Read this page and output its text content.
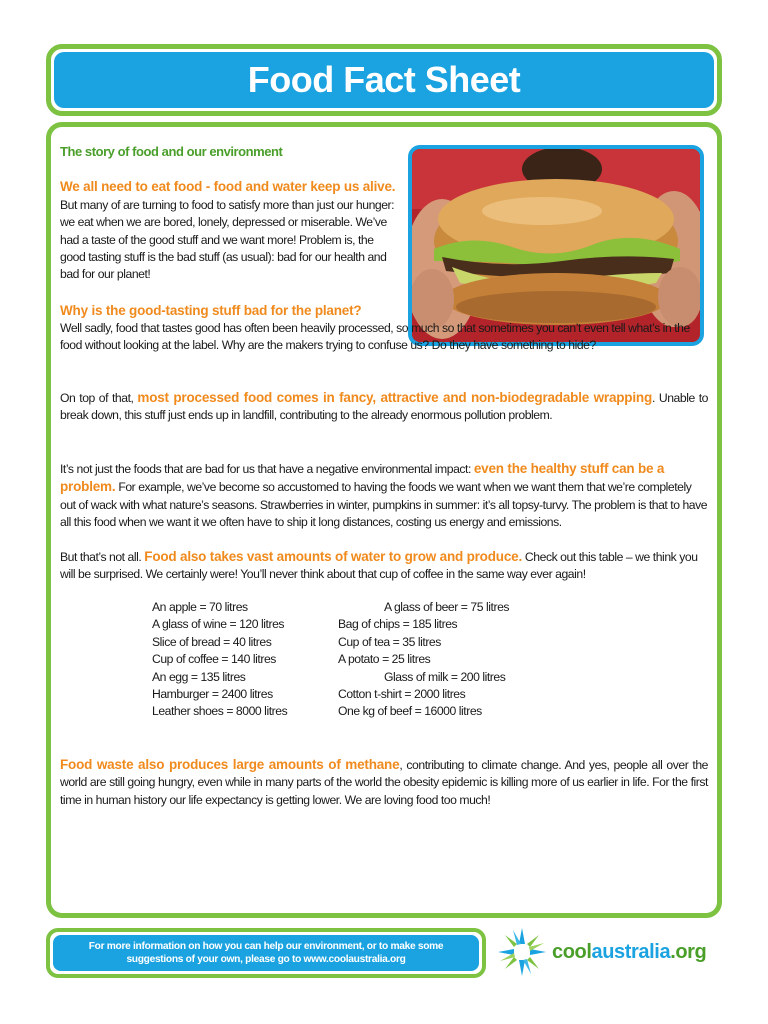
Food Fact Sheet

The story of food and our environment

We all need to eat food - food and water keep us alive. But many of are turning to food to satisfy more than just our hunger: we eat when we are bored, lonely, depressed or miserable. We’ve had a taste of the good stuff and we want more! Problem is, the good tasting stuff is the bad stuff (as usual): bad for our health and bad for our planet!

Why is the good-tasting stuff bad for the planet?

Well sadly, food that tastes good has often been heavily processed, so much so that sometimes you can’t even tell what’s in the food without looking at the label. Why are the makers trying to confuse us? Do they have something to hide?

On top of that, most processed food comes in fancy, attractive and non-biodegradable wrapping. Unable to break down, this stuff just ends up in landfill, contributing to the already enormous pollution problem.

It’s not just the foods that are bad for us that have a negative environmental impact: even the healthy stuff can be a problem. For example, we’ve become so accustomed to having the foods we want when we want them that we’re completely out of wack with what nature’s seasons. Strawberries in winter, pumpkins in summer: it’s all topsy-turvy. The problem is that to have all this food when we want it we often have to ship it long distances, costing us energy and emissions.

But that’s not all. Food also takes vast amounts of water to grow and produce. Check out this table – we think you will be surprised. We certainly were! You’ll never think about that cup of coffee in the same way ever again!

An apple = 70 litres	A glass of beer = 75 litres
A glass of wine = 120 litres	Bag of chips = 185 litres
Slice of bread = 40 litres	Cup of tea = 35 litres
Cup of coffee = 140 litres	A potato = 25 litres
An egg = 135 litres	Glass of milk = 200 litres
Hamburger = 2400 litres	Cotton t-shirt = 2000 litres
Leather shoes = 8000 litres	One kg of beef = 16000 litres

Food waste also produces large amounts of methane, contributing to climate change. And yes, people all over the world are still going hungry, even while in many parts of the world the obesity epidemic is killing more of us earlier in life. For the first time in human history our life expectancy is getting lower. We are loving food too much!

For more information on how you can help our environment, or to make some suggestions of your own, please go to www.coolaustralia.org	coolaustralia.org
